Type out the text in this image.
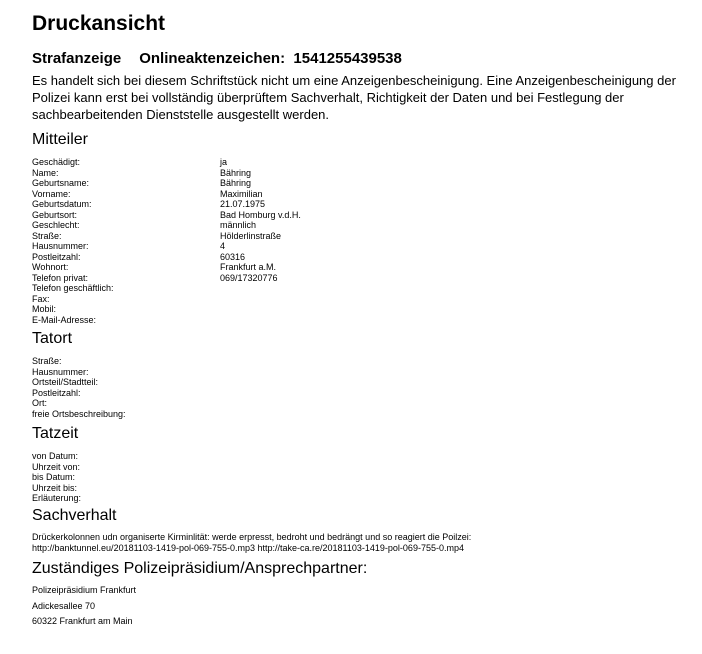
Druckansicht
Strafanzeige Onlineaktenzeichen: 1541255439538
Es handelt sich bei diesem Schriftstück nicht um eine Anzeigenbescheinigung. Eine Anzeigenbescheinigung der Polizei kann erst bei vollständig überprüftem Sachverhalt, Richtigkeit der Daten und bei Festlegung der sachbearbeitenden Dienststelle ausgestellt werden.
Mitteiler
Geschädigt:	ja
Name:	Bähring
Geburtsname:	Bähring
Vorname:	Maximilian
Geburtsdatum:	21.07.1975
Geburtsort:	Bad Homburg v.d.H.
Geschlecht:	männlich
Straße:	Hölderlinstraße
Hausnummer:	4
Postleitzahl:	60316
Wohnort:	Frankfurt a.M.
Telefon privat:	069/17320776
Telefon geschäftlich:
Fax:
Mobil:
E-Mail-Adresse:
Tatort
Straße:
Hausnummer:
Ortsteil/Stadtteil:
Postleitzahl:
Ort:
freie Ortsbeschreibung:
Tatzeit
von Datum:
Uhrzeit von:
bis Datum:
Uhrzeit bis:
Erläuterung:
Sachverhalt
Drückerkolonnen udn organiserte Kirminlität: werde erpresst, bedroht und bedrängt und so reagiert die Poilzei:
http://banktunnel.eu/20181103-1419-pol-069-755-0.mp3 http://take-ca.re/20181103-1419-pol-069-755-0.mp4
Zuständiges Polizeipräsidium/Ansprechpartner:
Polizeipräsidium Frankfurt
Adickesallee 70
60322 Frankfurt am Main
